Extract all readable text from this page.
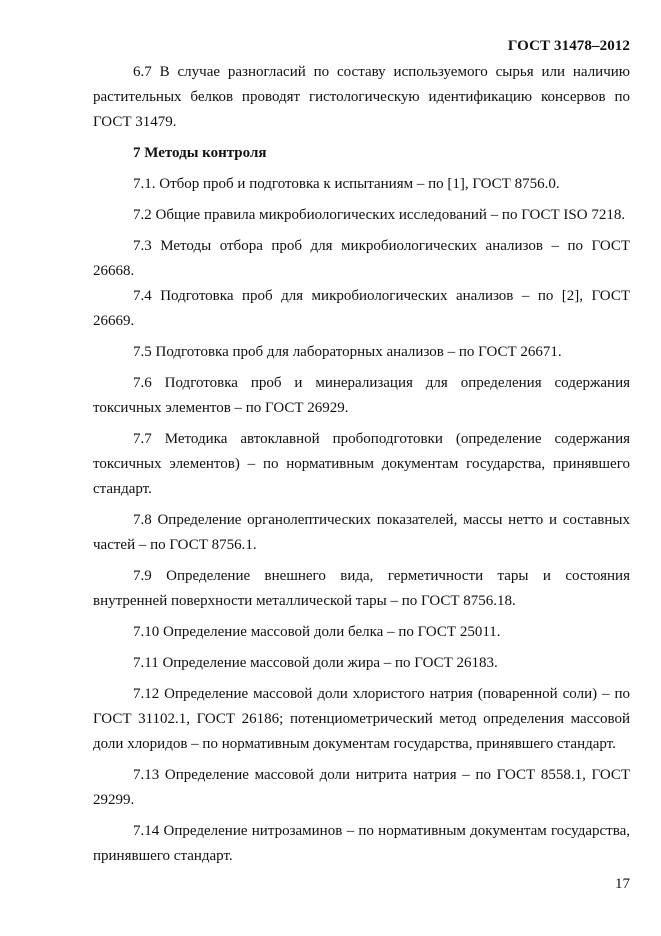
ГОСТ 31478–2012

6.7 В случае разногласий по составу используемого сырья или наличию растительных белков проводят гистологическую идентификацию консервов по ГОСТ 31479.

7 Методы контроля

7.1. Отбор проб и подготовка к испытаниям – по [1], ГОСТ 8756.0.

7.2 Общие правила микробиологических исследований – по ГОСТ ISO 7218.

7.3 Методы отбора проб для микробиологических анализов – по ГОСТ 26668.

7.4 Подготовка проб для микробиологических анализов – по [2], ГОСТ 26669.

7.5 Подготовка проб для лабораторных анализов – по ГОСТ 26671.

7.6 Подготовка проб и минерализация для определения содержания токсичных элементов – по ГОСТ 26929.

7.7 Методика автоклавной пробоподготовки (определение содержания токсичных элементов) – по нормативным документам государства, принявшего стандарт.

7.8 Определение органолептических показателей, массы нетто и составных частей – по ГОСТ 8756.1.

7.9 Определение внешнего вида, герметичности тары и состояния внутренней поверхности металлической тары – по ГОСТ 8756.18.

7.10 Определение массовой доли белка – по ГОСТ 25011.

7.11 Определение массовой доли жира – по ГОСТ 26183.

7.12 Определение массовой доли хлористого натрия (поваренной соли) – по ГОСТ 31102.1, ГОСТ 26186; потенциометрический метод определения массовой доли хлоридов – по нормативным документам государства, принявшего стандарт.

7.13 Определение массовой доли нитрита натрия – по ГОСТ 8558.1, ГОСТ 29299.

7.14 Определение нитрозаминов – по нормативным документам государства, принявшего стандарт.

17
